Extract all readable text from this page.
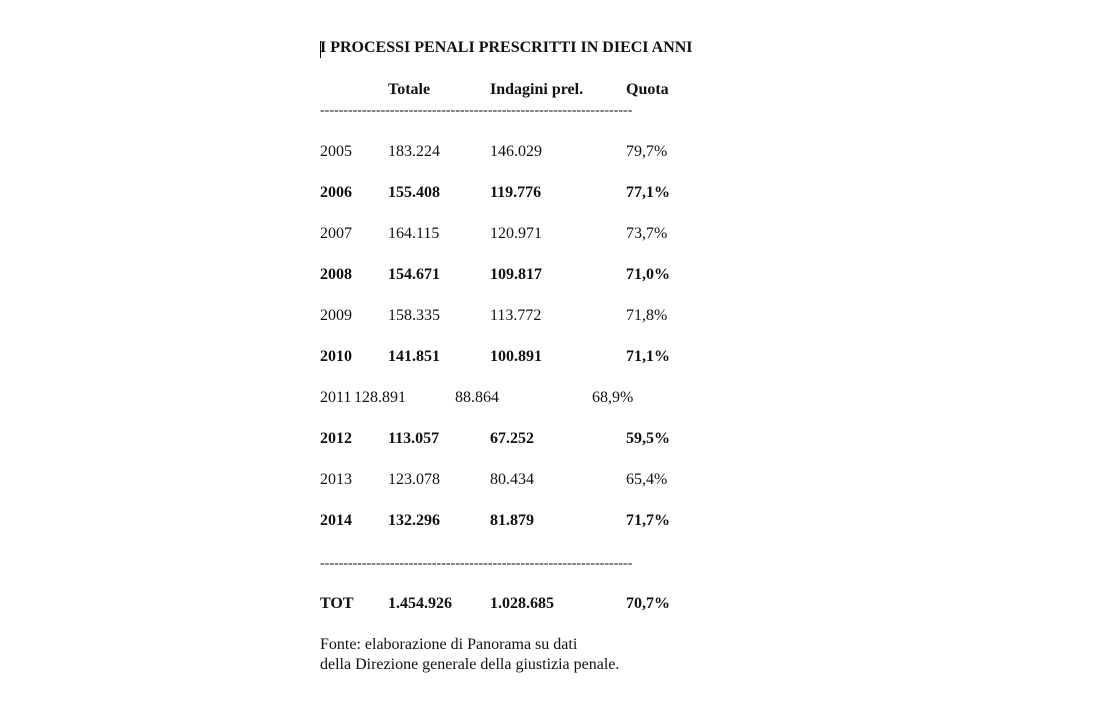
I PROCESSI PENALI PRESCRITTI IN DIECI ANNI
Totale	Indagini prel.	Quota
-------------------------------------------------------------------
2005 183.224	146.029	79,7%
2006 155.408	119.776	77,1%
2007 164.115	120.971	73,7%
2008 154.671	109.817	71,0%
2009 158.335	113.772	71,8%
2010 141.851	100.891	71,1%
2011 128.891	88.864	68,9%
2012 113.057	67.252	59,5%
2013 123.078	80.434	65,4%
2014 132.296	81.879	71,7%
-------------------------------------------------------------------
TOT 1.454.926 1.028.685	70,7%
Fonte: elaborazione di Panorama su dati
della Direzione generale della giustizia penale.
